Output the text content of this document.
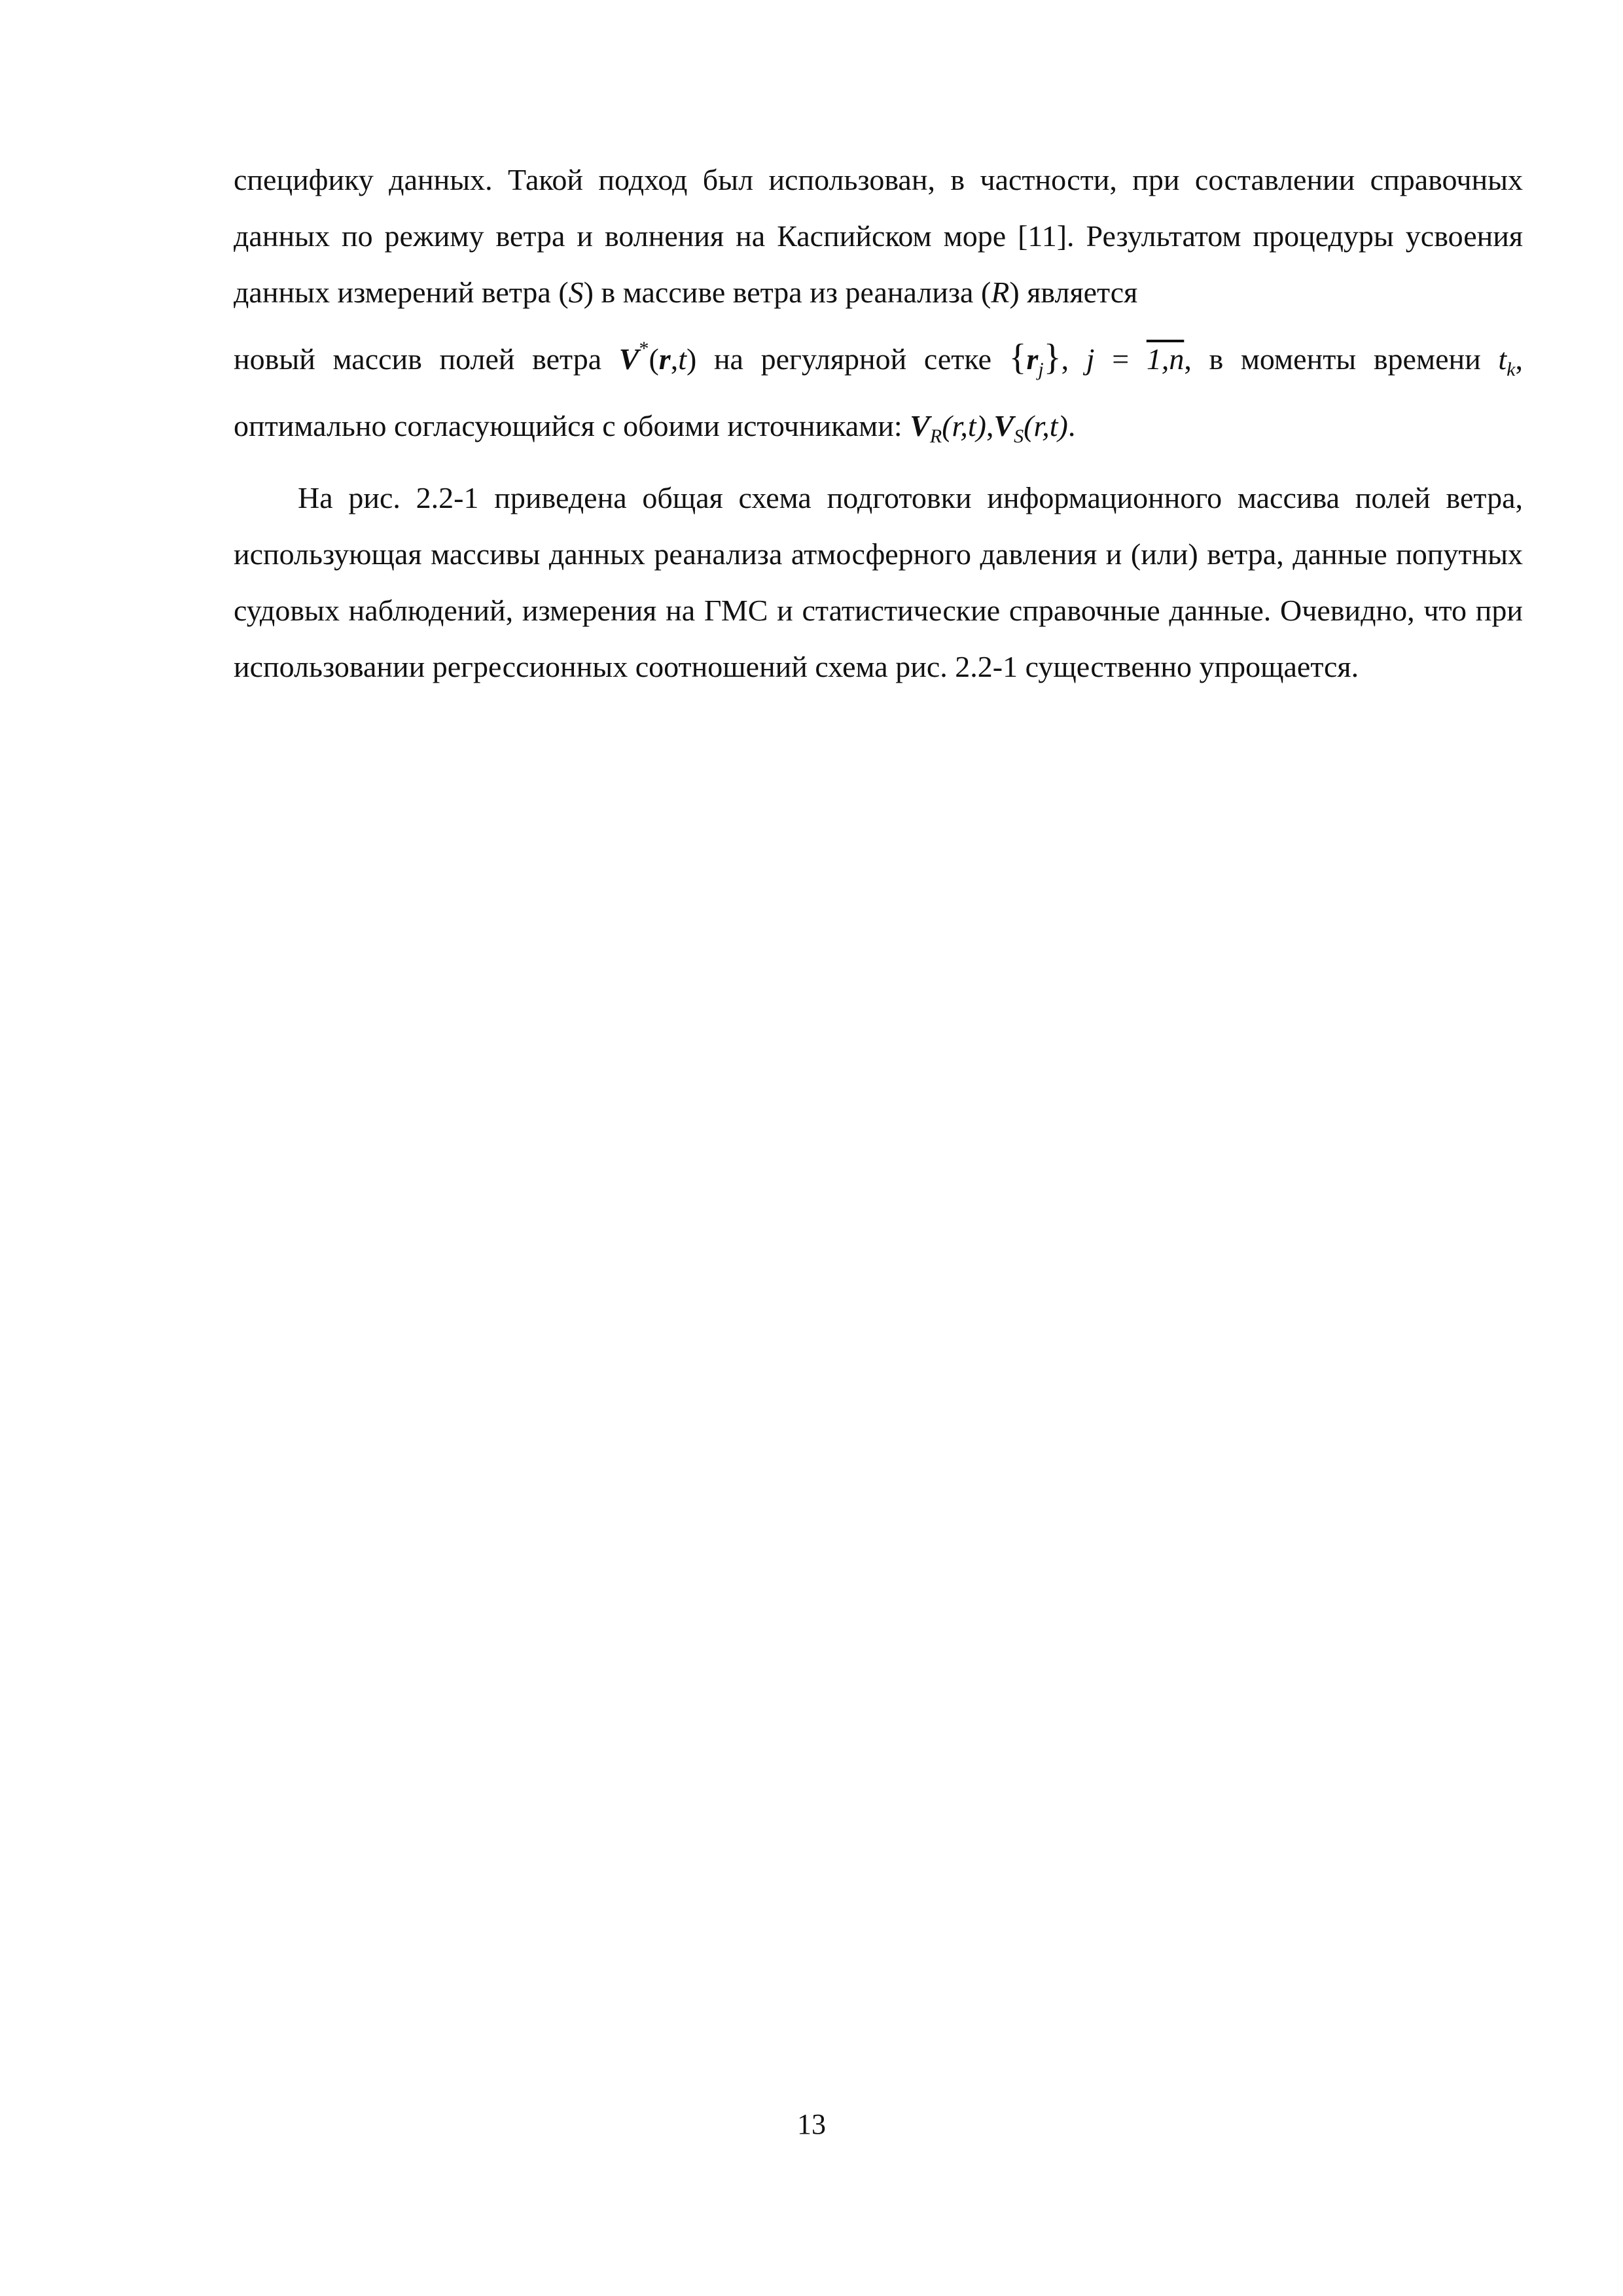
специфику данных. Такой подход был использован, в частности, при составлении справочных данных по режиму ветра и волнения на Каспийском море [11]. Результатом процедуры усвоения данных измерений ветра (S) в массиве ветра из реанализа (R) является
новый массив полей ветра V*(r,t) на регулярной сетке $\{r_j\}$, j = 1,n, в моменты времени $t_k$,
оптимально согласующийся с обоими источниками: $V_R(r,t),V_S(r,t)$.

На рис. 2.2-1 приведена общая схема подготовки информационного массива полей ветра, использующая массивы данных реанализа атмосферного давления и (или) ветра, данные попутных судовых наблюдений, измерения на ГМС и статистические справочные данные. Очевидно, что при использовании регрессионных соотношений схема рис. 2.2-1 существенно упрощается.

13
